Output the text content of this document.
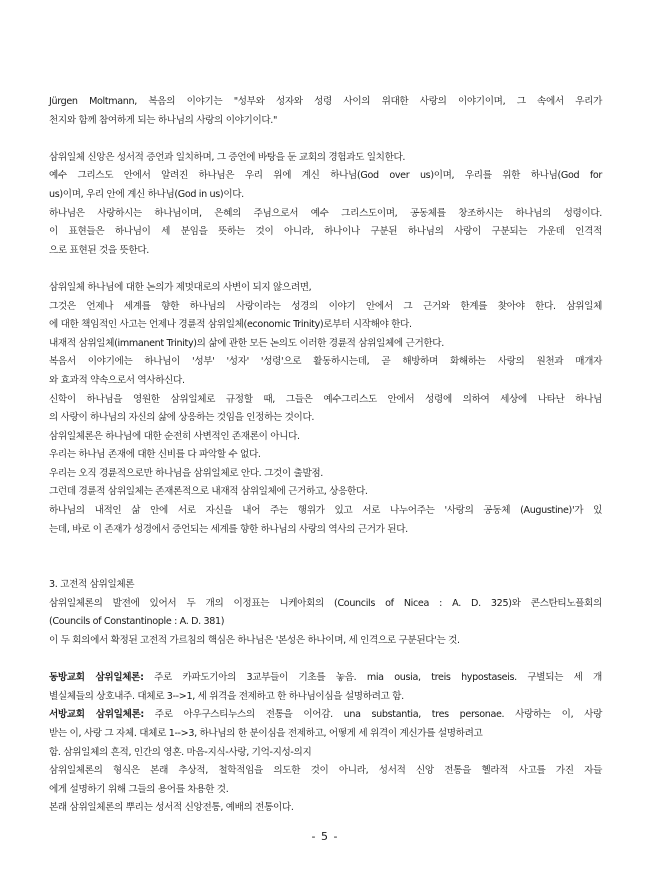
Jürgen Moltmann, 복음의 이야기는 "성부와 성자와 성령 사이의 위대한 사랑의 이야기이며, 그 속에서 우리가
천지와 함께 참여하게 되는 하나님의 사랑의 이야기이다."
삼위일체 신앙은 성서적 증언과 일치하며, 그 증언에 바탕을 둔 교회의 경험과도 일치한다.
예수 그리스도 안에서 알려진 하나님은 우리 위에 계신 하나님(God over us)이며, 우리를 위한 하나님(God for
us)이며, 우리 안에 계신 하나님(God in us)이다.
하나님은 사랑하시는 하나님이며, 은혜의 주님으로서 예수 그리스도이며, 공동체를 창조하시는 하나님의 성령이다.
이 표현들은 하나님이 세 분임을 뜻하는 것이 아니라, 하나이나 구분된 하나님의 사랑이 구분되는 가운데 인격적
으로 표현된 것을 뜻한다.
삼위일체 하나님에 대한 논의가 제멋대로의 사변이 되지 않으려면,
그것은 언제나 세계를 향한 하나님의 사랑이라는 성경의 이야기 안에서 그 근거와 한계를 찾아야 한다. 삼위일체
에 대한 책임적인 사고는 언제나 경륜적 삼위일체(economic Trinity)로부터 시작해야 한다.
내재적 삼위일체(immanent Trinity)의 삶에 관한 모든 논의도 이러한 경륜적 삼위일체에 근거한다.
복음서 이야기에는 하나님이 '성부' '성자' '성령'으로 활동하시는데, 곧 해방하며 화해하는 사랑의 원천과 매개자
와 효과적 약속으로서 역사하신다.
신학이 하나님을 영원한 삼위일체로 규정할 때, 그들은 예수그리스도 안에서 성령에 의하여 세상에 나타난 하나님
의 사랑이 하나님의 자신의 삶에 상응하는 것임을 인정하는 것이다.
삼위일체론은 하나님에 대한 순전히 사변적인 존재론이 아니다.
우리는 하나님 존재에 대한 신비를 다 파악할 수 없다.
우리는 오직 경륜적으로만 하나님을 삼위일체로 안다. 그것이 출발점.
그런데 경륜적 삼위일체는 존재론적으로 내재적 삼위일체에 근거하고, 상응한다.
하나님의 내적인 삶 안에 서로 자신을 내어 주는 행위가 있고 서로 나누어주는 '사랑의 공동체 (Augustine)'가 있
는데, 바로 이 존재가 성경에서 증언되는 세계를 향한 하나님의 사랑의 역사의 근거가 된다.
3. 고전적 삼위일체론
삼위일체론의 발전에 있어서 두 개의 이정표는 니케아회의 (Councils of Nicea : A. D. 325)와 콘스탄티노플회의
(Councils of Constantinople : A. D. 381)
이 두 회의에서 확정된 고전적 가르침의 핵심은 하나님은 '본성은 하나이며, 세 인격으로 구분된다'는 것.
동방교회 삼위일체론: 주로 카파도기아의 3교부들이 기초를 놓음. mia ousia, treis hypostaseis. 구별되는 세 개
별실체들의 상호내주. 대체로 3-->1, 세 위격을 전제하고 한 하나님이심을 설명하려고 함.
서방교회 삼위일체론: 주로 아우구스티누스의 전통을 이어감. una substantia, tres personae. 사랑하는 이, 사랑
받는 이, 사랑 그 자체. 대체로 1-->3, 하나님의 한 분이심을 전제하고, 어떻게 세 위격이 계신가를 설명하려고
함. 삼위일체의 흔적, 인간의 영혼. 마음-지식-사랑, 기억-지성-의지
삼위일체론의 형식은 본래 추상적, 철학적임을 의도한 것이 아니라, 성서적 신앙 전통을 헬라적 사고를 가진 자들
에게 설명하기 위해 그들의 용어를 차용한 것.
본래 삼위일체론의 뿌리는 성서적 신앙전통, 예배의 전통이다.
- 5 -
